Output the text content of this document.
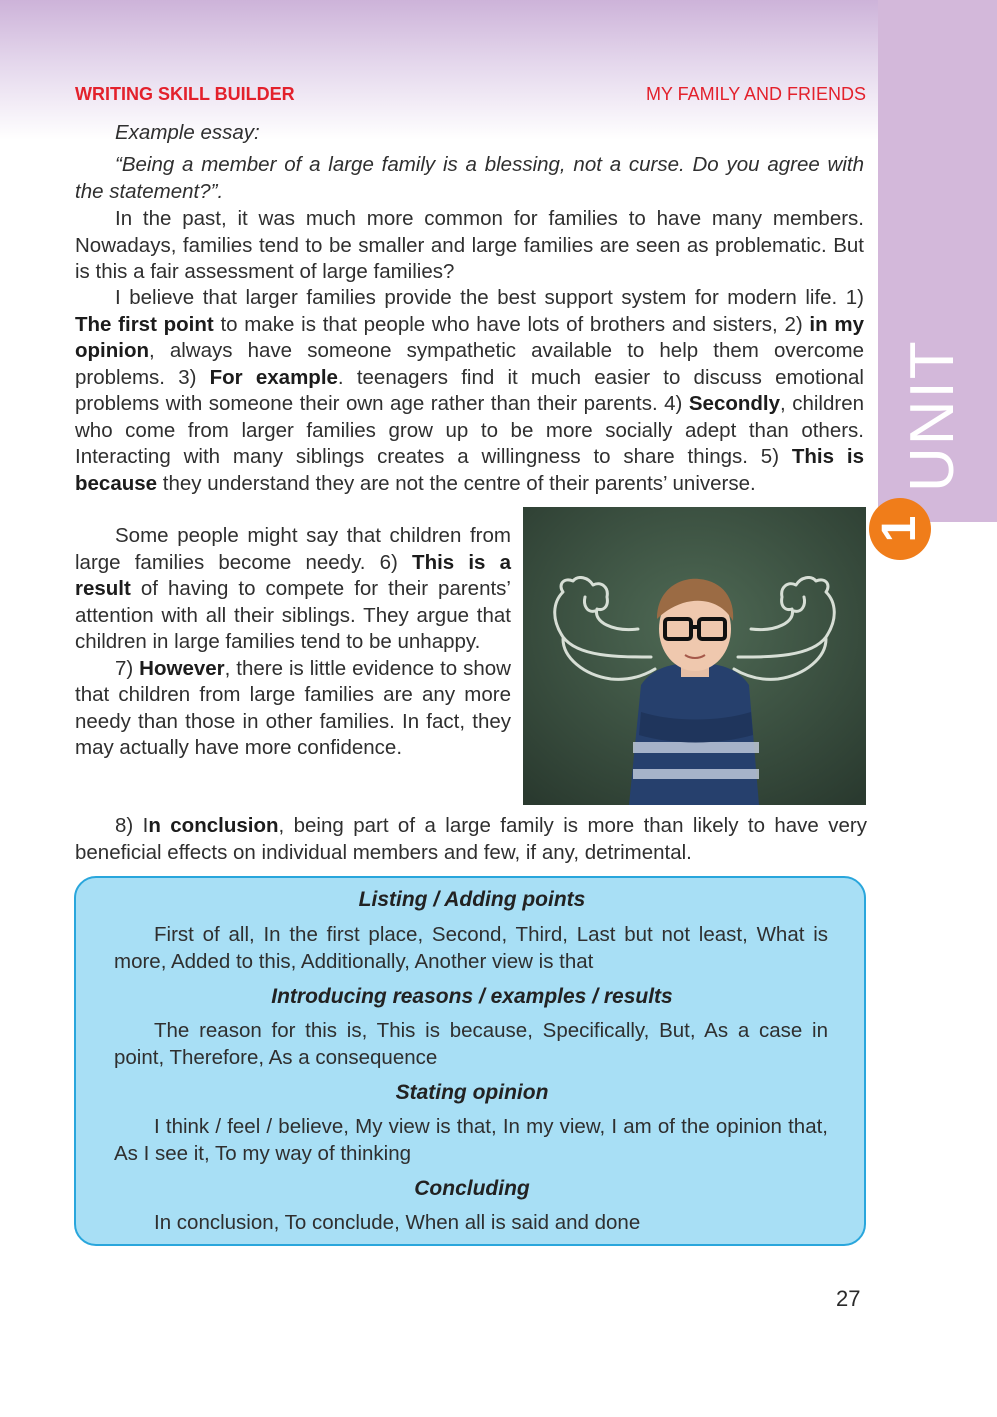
UNIT
1
WRITING SKILL BUILDER	MY FAMILY AND FRIENDS

Example essay:

“Being a member of a large family is a blessing, not a curse. Do you agree with the statement?”.

In the past, it was much more common for families to have many members. Nowadays, families tend to be smaller and large families are seen as problematic. But is this a fair assessment of large families?

I believe that larger families provide the best support system for modern life. 1) The first point to make is that people who have lots of brothers and sisters, 2) in my opinion, always have someone sympathetic available to help them overcome problems. 3) For example. teenagers find it much easier to discuss emotional problems with someone their own age rather than their parents. 4) Secondly, children who come from larger families grow up to be more socially adept than others. Interacting with many siblings creates a willingness to share things. 5) This is because they understand they are not the centre of their parents’ universe.

Some people might say that children from large families become needy. 6) This is a result of having to compete for their parents’ attention with all their siblings. They argue that children in large families tend to be unhappy.

7) However, there is little evidence to show that children from large families are any more needy than those in other families. In fact, they may actually have more confidence.

8) In conclusion, being part of a large family is more than likely to have very beneficial effects on individual members and few, if any, detrimental.

Listing / Adding points

First of all, In the first place, Second, Third, Last but not least, What is more, Added to this, Additionally, Another view is that

Introducing reasons / examples / results

The reason for this is, This is because, Specifically, But, As a case in point, Therefore, As a consequence

Stating opinion

I think / feel / believe, My view is that, In my view, I am of the opinion that, As I see it, To my way of thinking

Concluding

In conclusion, To conclude, When all is said and done

27
